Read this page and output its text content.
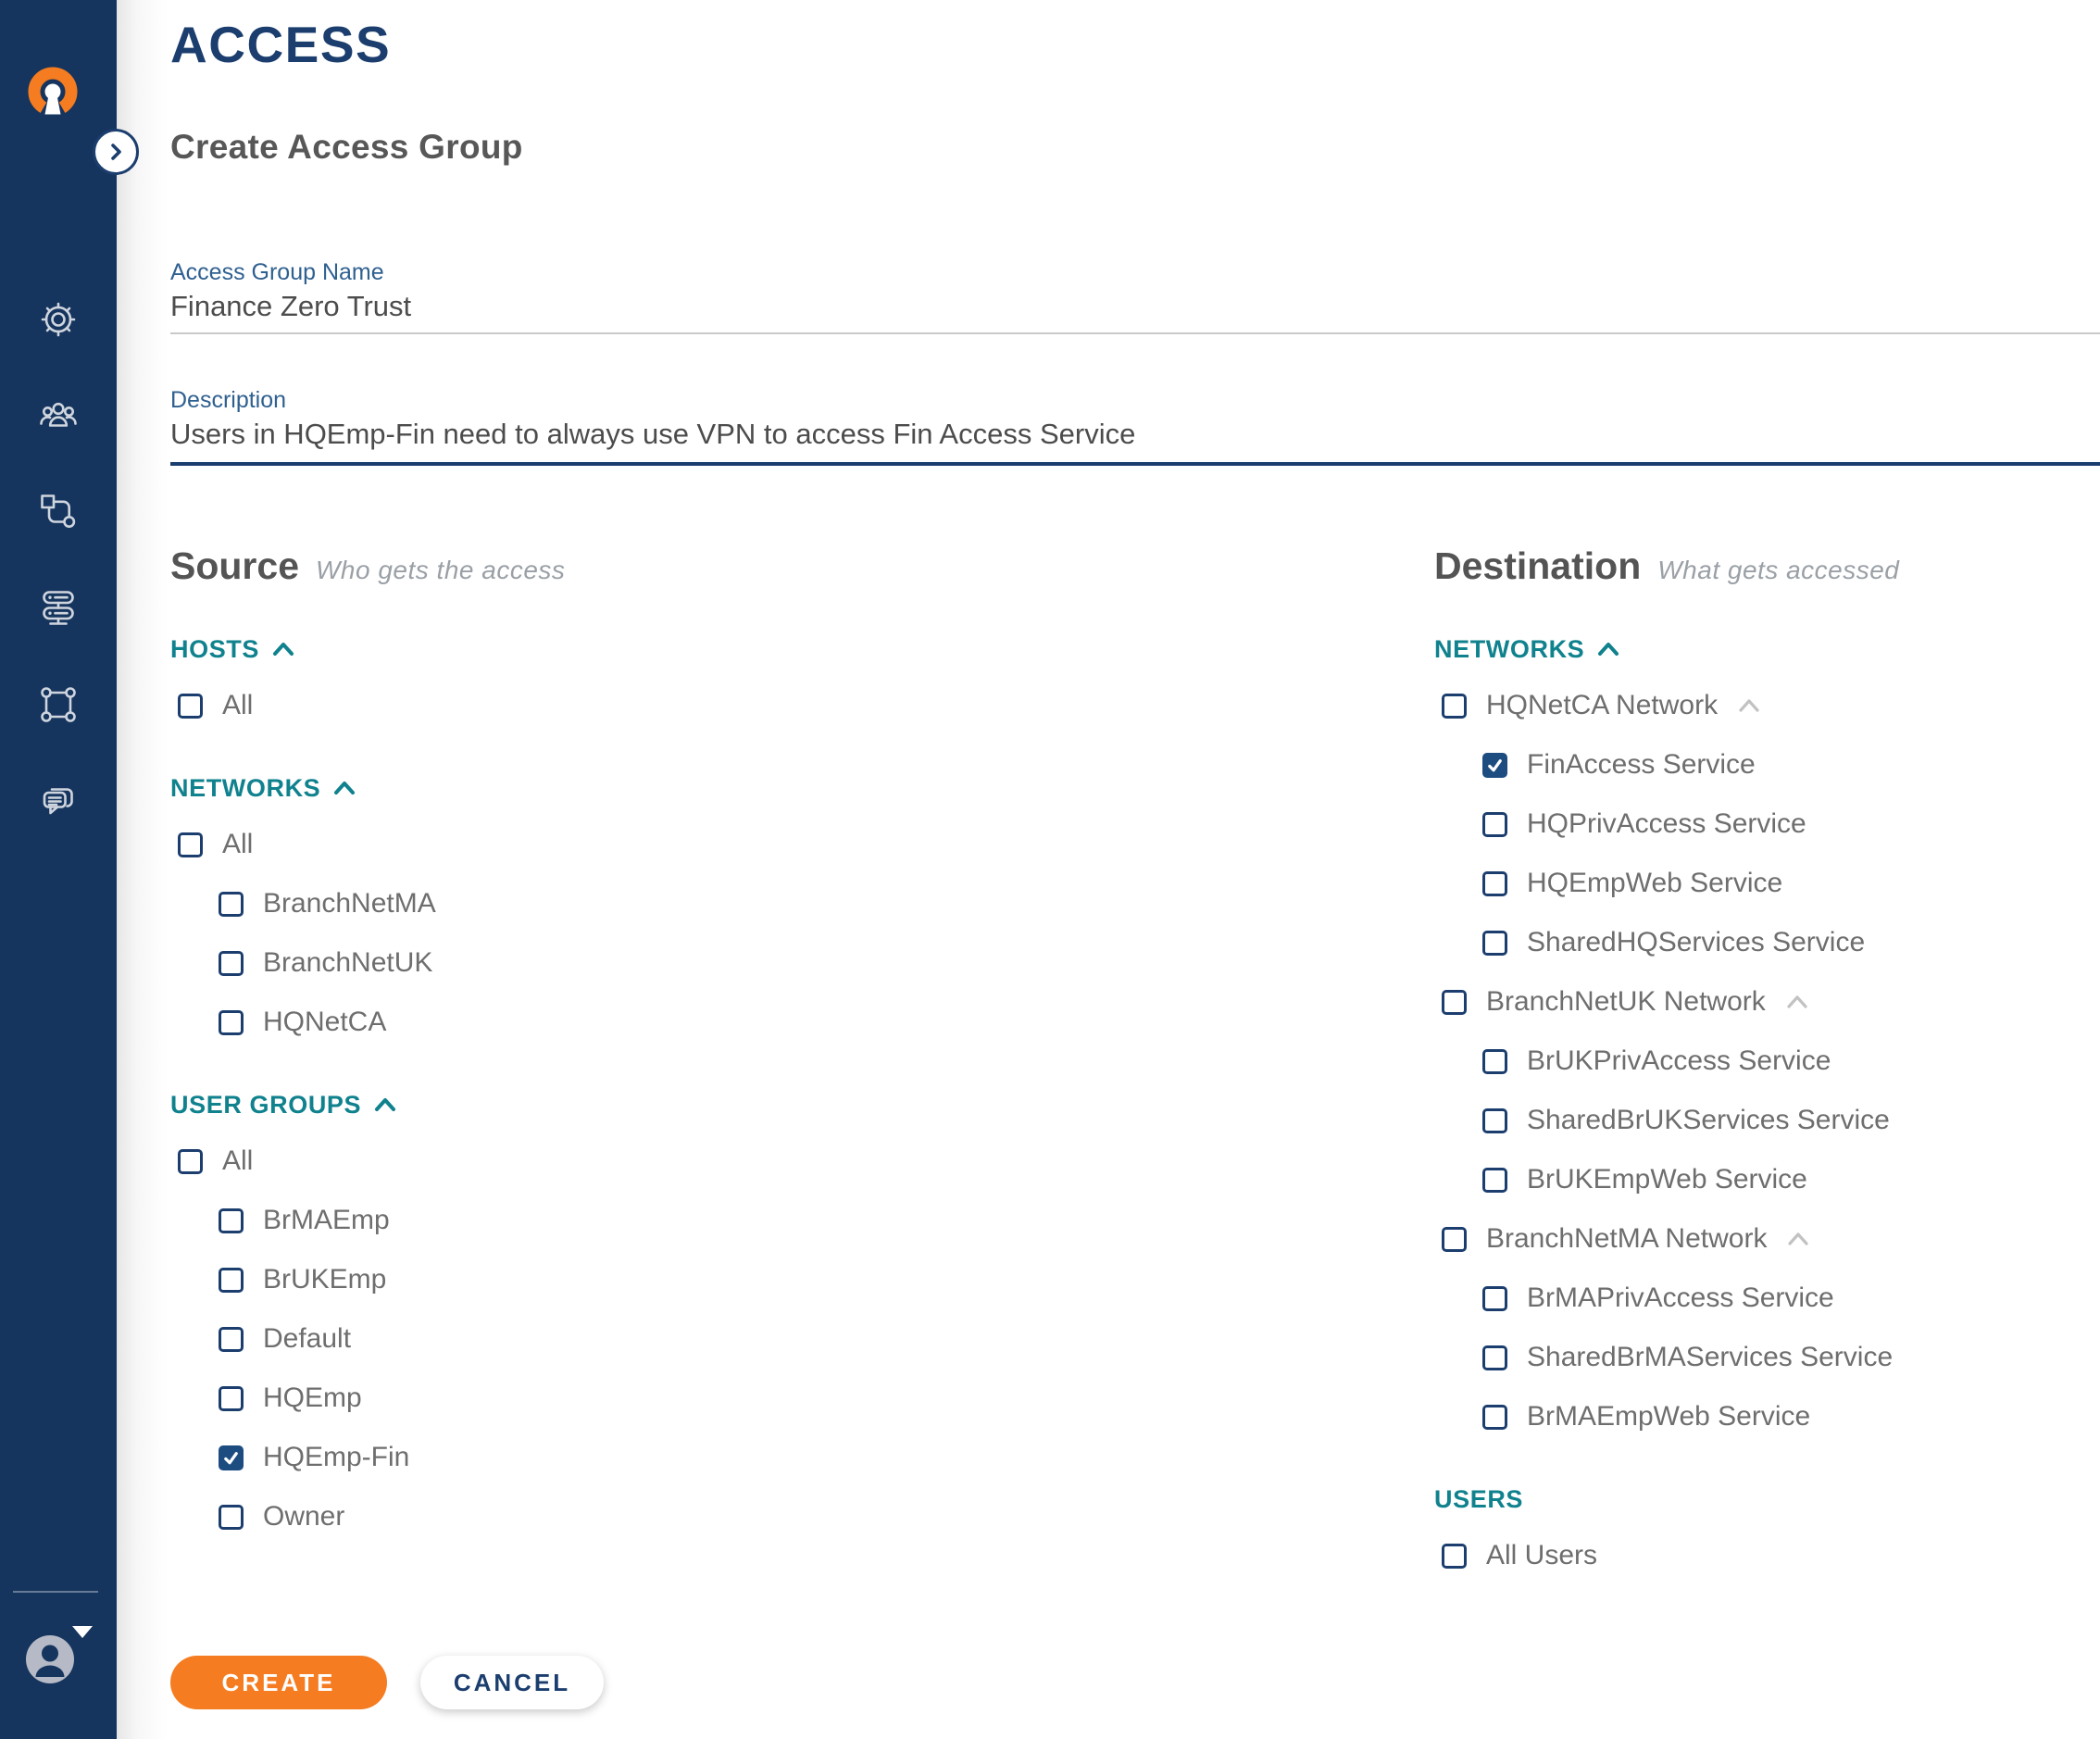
ACCESS
Create Access Group
Access Group Name
Finance Zero Trust
Description
Users in HQEmp-Fin need to always use VPN to access Fin Access Service
Source Who gets the access
HOSTS
All
NETWORKS
All
BranchNetMA
BranchNetUK
HQNetCA
USER GROUPS
All
BrMAEmp
BrUKEmp
Default
HQEmp
HQEmp-Fin
Owner
Destination What gets accessed
NETWORKS
HQNetCA Network
FinAccess Service
HQPrivAccess Service
HQEmpWeb Service
SharedHQServices Service
BranchNetUK Network
BrUKPrivAccess Service
SharedBrUKServices Service
BrUKEmpWeb Service
BranchNetMA Network
BrMAPrivAccess Service
SharedBrMAServices Service
BrMAEmpWeb Service
USERS
All Users
CREATE	CANCEL
